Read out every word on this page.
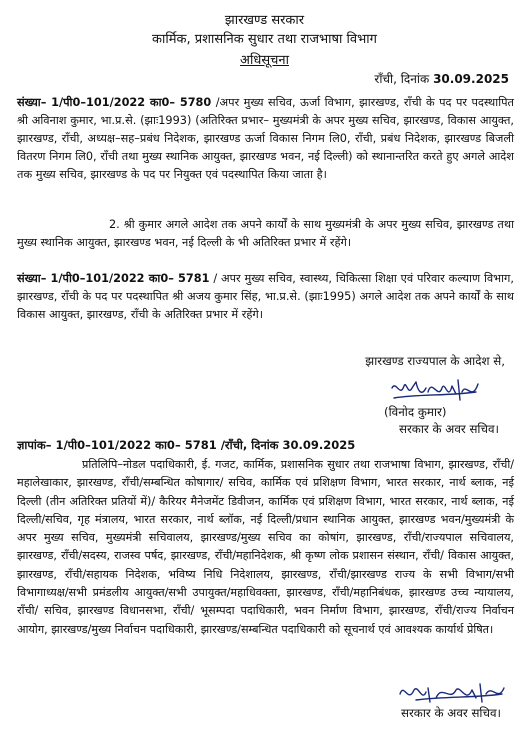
झारखण्ड सरकार
कार्मिक, प्रशासनिक सुधार तथा राजभाषा विभाग
अधिसूचना
राँची, दिनांक 30.09.2025
संख्या– 1/पी0–101/2022 का0– 5780 /अपर मुख्य सचिव, ऊर्जा विभाग, झारखण्ड, राँची के पद पर पदस्थापित श्री अविनाश कुमार, भा.प्र.से. (झाः1993) (अतिरिक्त प्रभार– मुख्यमंत्री के अपर मुख्य सचिव, झारखण्ड, विकास आयुक्त, झारखण्ड, राँची, अध्यक्ष–सह–प्रबंध निदेशक, झारखण्ड ऊर्जा विकास निगम लि0, राँची, प्रबंध निदेशक, झारखण्ड बिजली वितरण निगम लि0, राँची तथा मुख्य स्थानिक आयुक्त, झारखण्ड भवन, नई दिल्ली) को स्थानान्तरित करते हुए अगले आदेश तक मुख्य सचिव, झारखण्ड के पद पर नियुक्त एवं पदस्थापित किया जाता है।
2. श्री कुमार अगले आदेश तक अपने कार्यों के साथ मुख्यमंत्री के अपर मुख्य सचिव, झारखण्ड तथा मुख्य स्थानिक आयुक्त, झारखण्ड भवन, नई दिल्ली के भी अतिरिक्त प्रभार में रहेंगे।
संख्या– 1/पी0–101/2022 का0– 5781 / अपर मुख्य सचिव, स्वास्थ्य, चिकित्सा शिक्षा एवं परिवार कल्याण विभाग, झारखण्ड, राँची के पद पर पदस्थापित श्री अजय कुमार सिंह, भा.प्र.से. (झाः1995) अगले आदेश तक अपने कार्यों के साथ विकास आयुक्त, झारखण्ड, राँची के अतिरिक्त प्रभार में रहेंगे।
झारखण्ड राज्यपाल के आदेश से,
(विनोद कुमार)
सरकार के अवर सचिव।
ज्ञापांक– 1/पी0–101/2022 का0– 5781 /राँची, दिनांक 30.09.2025
प्रतिलिपि–नोडल पदाधिकारी, ई. गजट, कार्मिक, प्रशासनिक सुधार तथा राजभाषा विभाग, झारखण्ड, राँची/महालेखाकार, झारखण्ड, राँची/सम्बन्धित कोषागार/ सचिव, कार्मिक एवं प्रशिक्षण विभाग, भारत सरकार, नार्थ ब्लाक, नई दिल्ली (तीन अतिरिक्त प्रतियों में)/ कैरियर मैनेजमेंट डिवीजन, कार्मिक एवं प्रशिक्षण विभाग, भारत सरकार, नार्थ ब्लाक, नई दिल्ली/सचिव, गृह मंत्रालय, भारत सरकार, नार्थ ब्लॉक, नई दिल्ली/प्रधान स्थानिक आयुक्त, झारखण्ड भवन/मुख्यमंत्री के अपर मुख्य सचिव, मुख्यमंत्री सचिवालय, झारखण्ड/मुख्य सचिव का कोषांग, झारखण्ड, राँची/राज्यपाल सचिवालय, झारखण्ड, राँची/सदस्य, राजस्व पर्षद, झारखण्ड, राँची/महानिदेशक, श्री कृष्ण लोक प्रशासन संस्थान, राँची/ विकास आयुक्त, झारखण्ड, राँची/सहायक निदेशक, भविष्य निधि निदेशालय, झारखण्ड, राँची/झारखण्ड राज्य के सभी विभाग/सभी विभागाध्यक्ष/सभी प्रमंडलीय आयुक्त/सभी उपायुक्त/महाधिवक्ता, झारखण्ड, राँची/महानिबंधक, झारखण्ड उच्च न्यायालय, राँची/ सचिव, झारखण्ड विधानसभा, राँची/ भूसम्पदा पदाधिकारी, भवन निर्माण विभाग, झारखण्ड, राँची/राज्य निर्वाचन आयोग, झारखण्ड/मुख्य निर्वाचन पदाधिकारी, झारखण्ड/सम्बन्धित पदाधिकारी को सूचनार्थ एवं आवश्यक कार्यार्थ प्रेषित।
सरकार के अवर सचिव।
